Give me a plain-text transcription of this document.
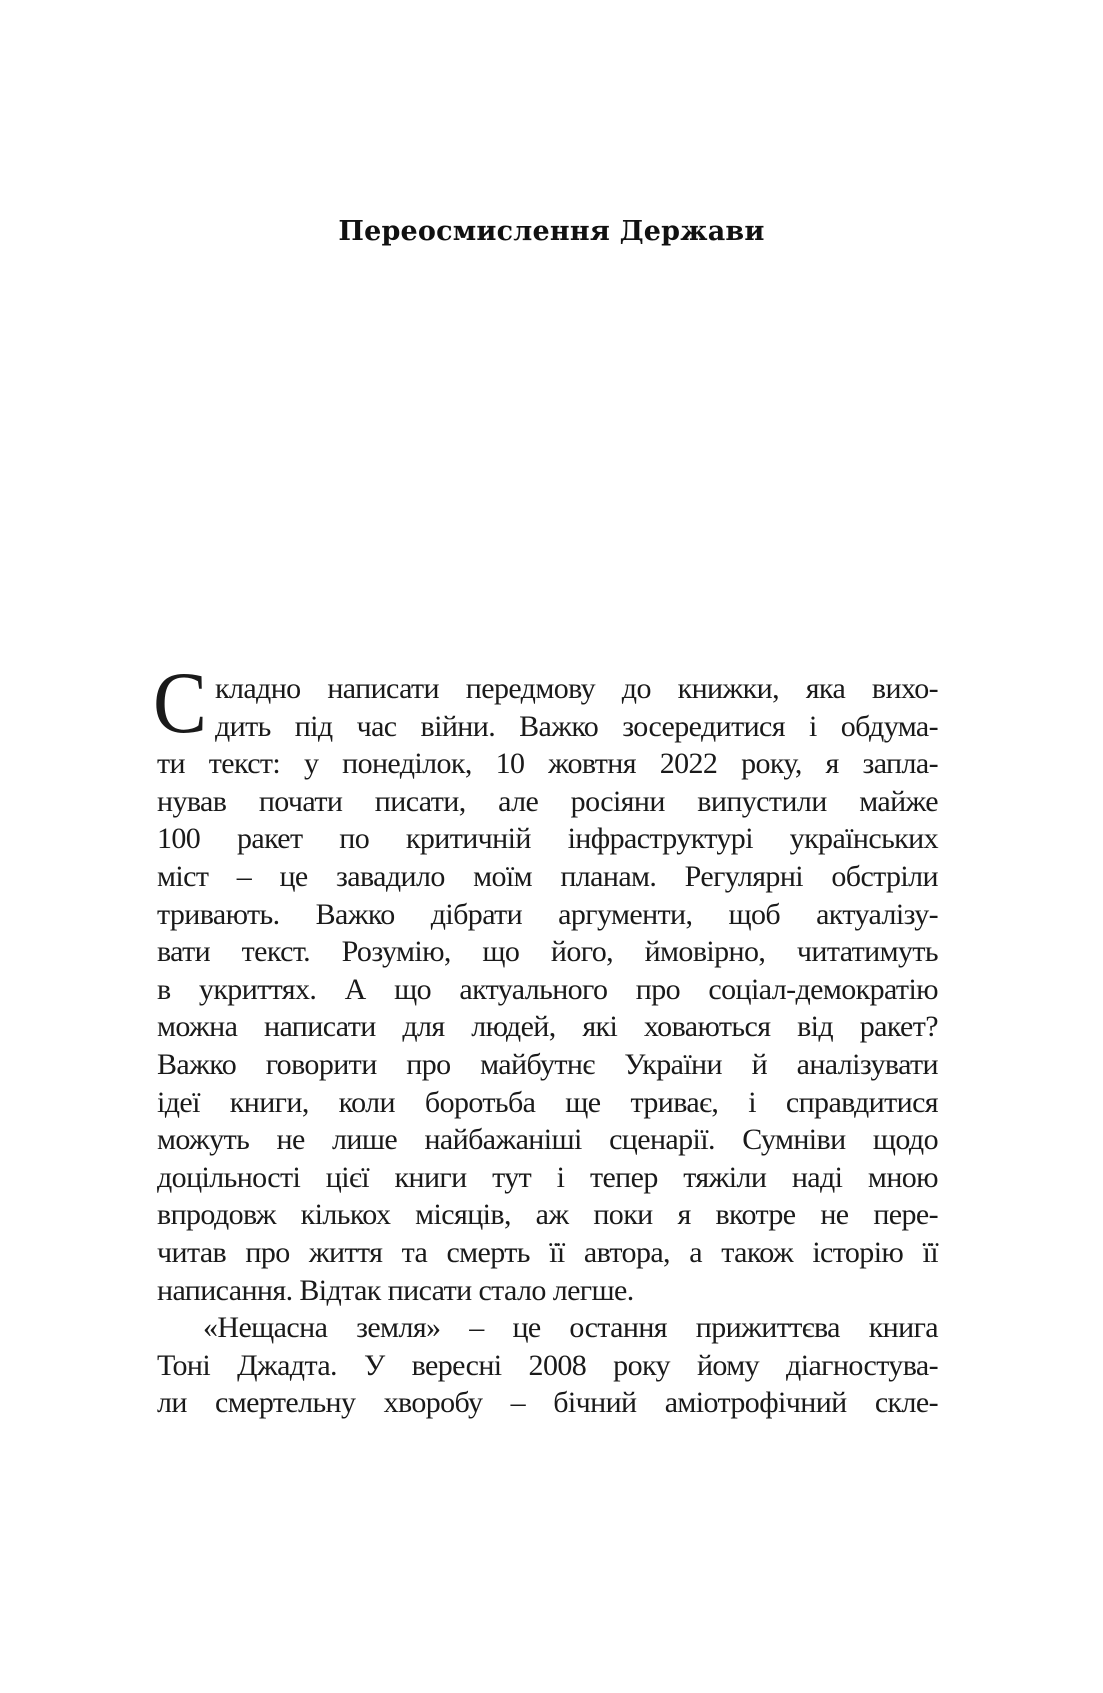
Переосмислення Держави
С кладно написати передмову до книжки, яка вихо-
дить під час війни. Важко зосередитися і обдума-
ти текст: у понеділок, 10 жовтня 2022 року, я запла-
нував почати писати, але росіяни випустили майже
100 ракет по критичній інфраструктурі українських
міст – це завадило моїм планам. Регулярні обстріли
тривають. Важко дібрати аргументи, щоб актуалізу-
вати текст. Розумію, що його, ймовірно, читатимуть
в укриттях. А що актуального про соціал-демократію
можна написати для людей, які ховаються від ракет?
Важко говорити про майбутнє України й аналізувати
ідеї книги, коли боротьба ще триває, і справдитися
можуть не лише найбажаніші сценарії. Сумніви щодо
доцільності цієї книги тут і тепер тяжіли наді мною
впродовж кількох місяців, аж поки я вкотре не пере-
читав про життя та смерть її автора, а також історію її
написання. Відтак писати стало легше.
«Нещасна земля» – це остання прижиттєва книга
Тоні Джадта. У вересні 2008 року йому діагностува-
ли смертельну хворобу – бічний аміотрофічний скле-
